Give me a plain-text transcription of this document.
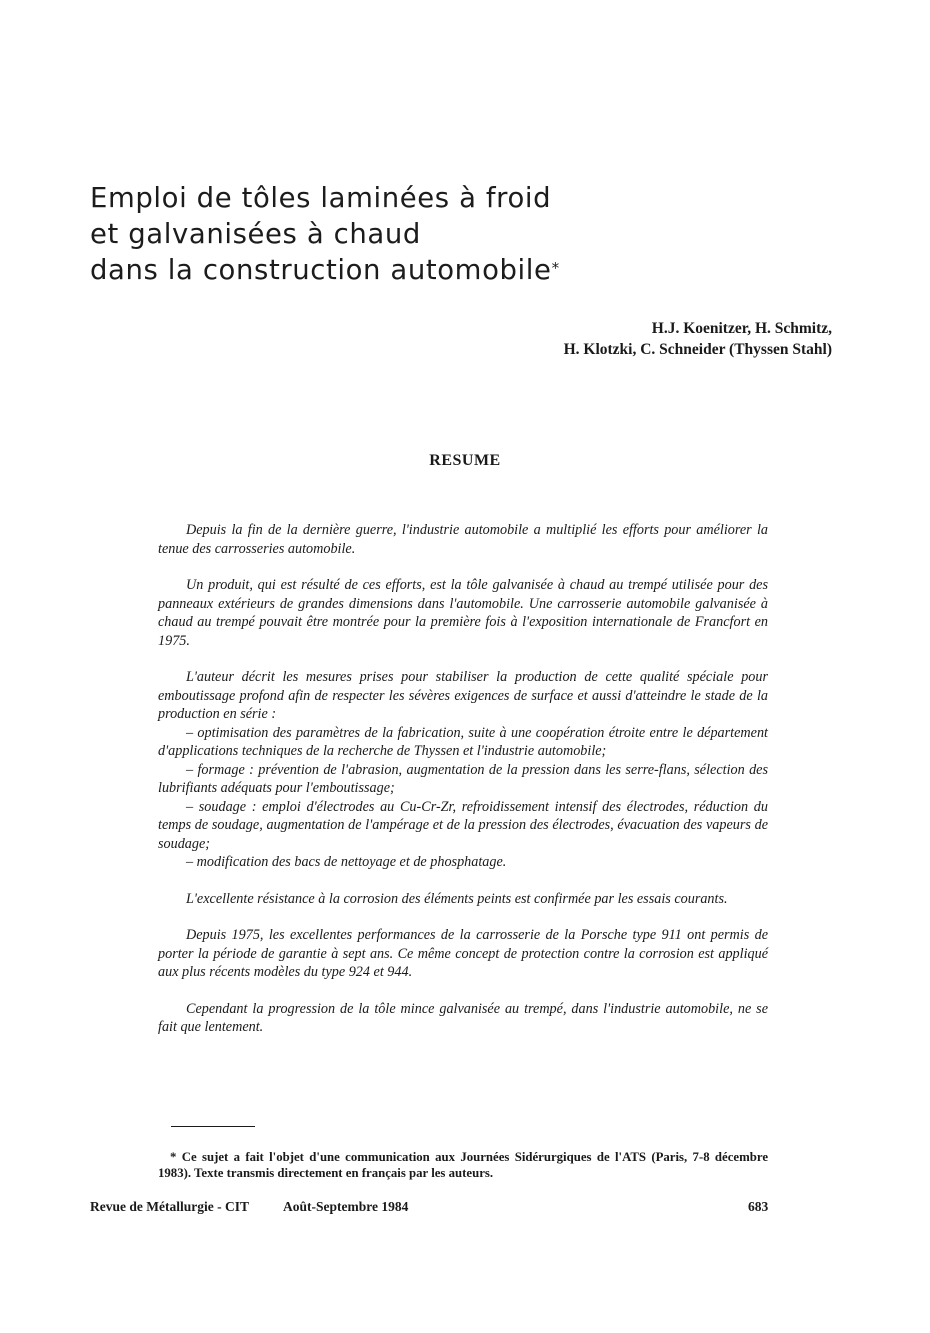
Emploi de tôles laminées à froid
et galvanisées à chaud
dans la construction automobile*
H.J. Koenitzer, H. Schmitz,
H. Klotzki, C. Schneider (Thyssen Stahl)
RESUME

Depuis la fin de la dernière guerre, l'industrie automobile a multiplié les efforts pour améliorer la tenue des carrosseries automobile.

Un produit, qui est résulté de ces efforts, est la tôle galvanisée à chaud au trempé utilisée pour des panneaux extérieurs de grandes dimensions dans l'automobile. Une carrosserie automobile galvanisée à chaud au trempé pouvait être montrée pour la première fois à l'exposition internationale de Francfort en 1975.

L'auteur décrit les mesures prises pour stabiliser la production de cette qualité spéciale pour emboutissage profond afin de respecter les sévères exigences de surface et aussi d'atteindre le stade de la production en série :

– optimisation des paramètres de la fabrication, suite à une coopération étroite entre le département d'applications techniques de la recherche de Thyssen et l'industrie automobile;

– formage : prévention de l'abrasion, augmentation de la pression dans les serre-flans, sélection des lubrifiants adéquats pour l'emboutissage;

– soudage : emploi d'électrodes au Cu-Cr-Zr, refroidissement intensif des électrodes, réduction du temps de soudage, augmentation de l'ampérage et de la pression des électrodes, évacuation des vapeurs de soudage;

– modification des bacs de nettoyage et de phosphatage.

L'excellente résistance à la corrosion des éléments peints est confirmée par les essais courants.

Depuis 1975, les excellentes performances de la carrosserie de la Porsche type 911 ont permis de porter la période de garantie à sept ans. Ce même concept de protection contre la corrosion est appliqué aux plus récents modèles du type 924 et 944.

Cependant la progression de la tôle mince galvanisée au trempé, dans l'industrie automobile, ne se fait que lentement.

* Ce sujet a fait l'objet d'une communication aux Journées Sidérurgiques de l'ATS (Paris, 7-8 décembre 1983). Texte transmis directement en français par les auteurs.
Revue de Métallurgie - CIT	Août-Septembre 1984	683
